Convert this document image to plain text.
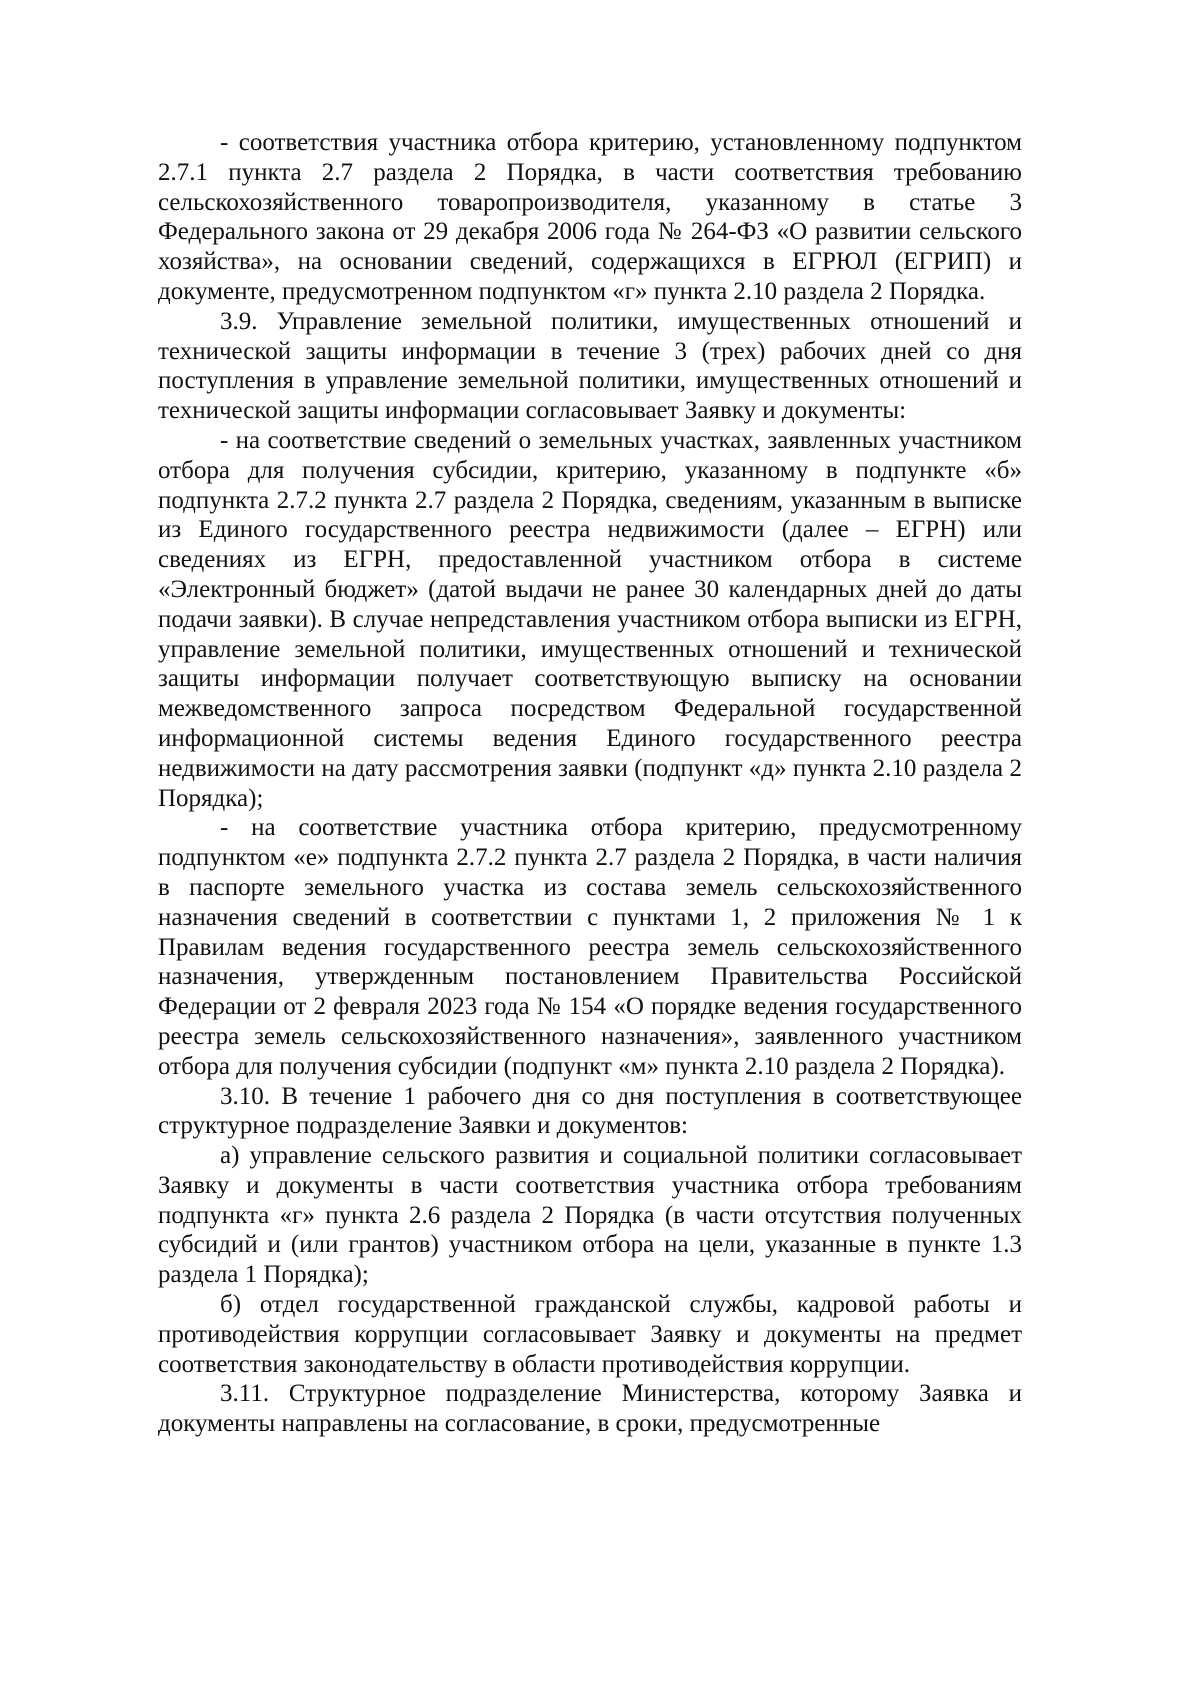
- соответствия участника отбора критерию, установленному подпунктом 2.7.1 пункта 2.7 раздела 2 Порядка, в части соответствия требованию сельскохозяйственного товаропроизводителя, указанному в статье 3 Федерального закона от 29 декабря 2006 года № 264-ФЗ «О развитии сельского хозяйства», на основании сведений, содержащихся в ЕГРЮЛ (ЕГРИП) и документе, предусмотренном подпунктом «г» пункта 2.10 раздела 2 Порядка.

3.9. Управление земельной политики, имущественных отношений и технической защиты информации в течение 3 (трех) рабочих дней со дня поступления в управление земельной политики, имущественных отношений и технической защиты информации согласовывает Заявку и документы:

- на соответствие сведений о земельных участках, заявленных участником отбора для получения субсидии, критерию, указанному в подпункте «б» подпункта 2.7.2 пункта 2.7 раздела 2 Порядка, сведениям, указанным в выписке из Единого государственного реестра недвижимости (далее – ЕГРН) или сведениях из ЕГРН, предоставленной участником отбора в системе «Электронный бюджет» (датой выдачи не ранее 30 календарных дней до даты подачи заявки). В случае непредставления участником отбора выписки из ЕГРН, управление земельной политики, имущественных отношений и технической защиты информации получает соответствующую выписку на основании межведомственного запроса посредством Федеральной государственной информационной системы ведения Единого государственного реестра недвижимости на дату рассмотрения заявки (подпункт «д» пункта 2.10 раздела 2 Порядка);

- на соответствие участника отбора критерию, предусмотренному подпунктом «е» подпункта 2.7.2 пункта 2.7 раздела 2 Порядка, в части наличия в паспорте земельного участка из состава земель сельскохозяйственного назначения сведений в соответствии с пунктами 1, 2 приложения № 1 к Правилам ведения государственного реестра земель сельскохозяйственного назначения, утвержденным постановлением Правительства Российской Федерации от 2 февраля 2023 года № 154 «О порядке ведения государственного реестра земель сельскохозяйственного назначения», заявленного участником отбора для получения субсидии (подпункт «м» пункта 2.10 раздела 2 Порядка).

3.10. В течение 1 рабочего дня со дня поступления в соответствующее структурное подразделение Заявки и документов:

а) управление сельского развития и социальной политики согласовывает Заявку и документы в части соответствия участника отбора требованиям подпункта «г» пункта 2.6 раздела 2 Порядка (в части отсутствия полученных субсидий и (или грантов) участником отбора на цели, указанные в пункте 1.3 раздела 1 Порядка);

б) отдел государственной гражданской службы, кадровой работы и противодействия коррупции согласовывает Заявку и документы на предмет соответствия законодательству в области противодействия коррупции.

3.11. Структурное подразделение Министерства, которому Заявка и документы направлены на согласование, в сроки, предусмотренные
